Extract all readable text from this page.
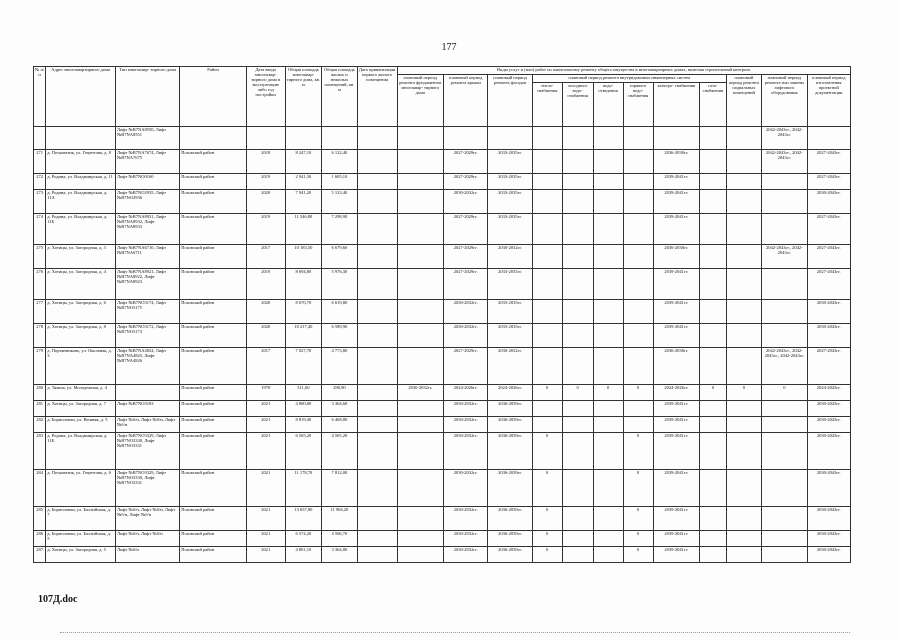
177
№ п/п	Адрес многоквартирного дома	Тип многоквар- тирного дома	Район	Дата ввода многоквар- тирного дома в эксплуатацию либо год постройки	Общая площадь многоквар- тирного дома, кв. м	Общая площадь жилых и нежилых помещений, кв. м	Дата приватизации первого жилого помещения	Виды услуг и (или) работ по капитальному ремонту общего имущества в многоквартирных домах, включая строительный контроль											
								плановый период ремонта фундаментов многоквар- тирного дома	плановый период ремонта крыши	плановый период ремонта фасадов	плановый период ремонта внутридомовых инженерных систем						плановый период ремонта подвальных помещений	плановый период ремонта или замены лифтового оборудования	плановый период изготовления проектной документации
											тепло- снабжения	холодного водо- снабжения	водо- отведения	горячего водо- снабжения	электро- снабжения	газо- снабжения			
		Лифт №B7NA8550, Лифт №B7NA8551																2042-2043гг., 2042-2043гг.	
271	д. Песковатик, ул. Гецентова, д. 8	Лифт №B7NA7674, Лифт №B7NA7675	Псковский район	2018	8 247,10	6 122,40			2027-2029гг.	2033-2035гг.					2036-2038гг.			2042-2043гг., 2042-2043гг.	2027-2043гг.
272	д. Родина, ул. Владимирская, д. 11	Лифт №B7NO0160	Псковский район	2019	2 941,30	1 605,10			2027-2029гг.	2033-2035гг.					2039-2041гг.				2027-2043гг.
273	д. Родина, ул. Владимирская, д. 11А	Лифт №B7NO2935, Лифт №B7NO2936	Псковский район	2020	7 941,20	5 123,40			2030-2032гг.	2033-2035гг.					2039-2041гг.				2030-2043гг.
274	д. Родина, ул. Владимирская, д. 11Б	Лифт №B7NA8931, Лифт №B7NA8932, Лифт №B7NA8933	Псковский район	2019	11 546,80	7 298,90			2027-2029гг.	2033-2035гг.					2039-2041гг.				2027-2043гг.
275	д. Хотицы, ул. Загородная, д. 3	Лифт №B7NA6710, Лифт №B7NA6711	Псковский район	2017	10 183,50	6 679,60			2027-2029гг.	2030-2032гг.					2036-2038гг.			2042-2043гг., 2042-2043гг.	2027-2043гг.
276	д. Хотицы, ул. Загородная, д. 4	Лифт №B7NA8921, Лифт №B7NA8922, Лифт №B7NA8923	Псковский район	2019	8 694,80	5 976,30			2027-2029гг.	2033-2035гг.					2039-2041гг.				2027-2043гг.
277	д. Хотицы, ул. Загородная, д. 6	Лифт №B7NO3174, Лифт №B7NO3175	Псковский район	2020	8 670,70	6 619,80			2030-2032гг.	2033-2035гг.					2039-2041гг.				2030-2043гг.
278	д. Хотицы, ул. Загородная, д. 8	Лифт №B7NO3172, Лифт №B7NO3173	Псковский район	2020	10 217,40	6 589,90			2030-2032гг.	2033-2035гг.					2039-2041гг.				2030-2043гг.
279	д. Портянниково, ул. Окольная, д. 3	Лифт №B7NA4824, Лифт №B7NA4825, Лифт №B7NA4826	Псковский район	2017	7 027,70	4 773,80			2027-2029гг.	2030-2032гг.					2036-2038гг.			2042-2043гг., 2042-2043гг., 2042-2043гг.	2027-2043гг.
280	д. Тямша, ул. Молодежная, д. 4		Псковский район	1970	511,60	290,90		2030-2032гг.	2024-2026гг.	2024-2026гг.	0	0	0	0	2024-2026гг.	0	0	0	2024-2043гг.
281	д. Хотицы, ул. Загородная, д. 7	Лифт №B7NO3183	Псковский район	2021	4 800,80	3 364,60			2030-2032гг.	2036-2039гг.					2039-2041гг.				2030-2043гг.
282	д. Борисовичи, ул. Вешняя, д. 5	Лифт №б/н, Лифт №б/н, Лифт №б/н	Псковский район	2021	8 819,40	6 468,80			2030-2032гг.	2036-2039гг.					2039-2041гг.				2030-2043гг.
283	д. Родина, ул. Владимирская, д. 11Б	Лифт №B7NO3329, Лифт №B7NO3330, Лифт №B7NO3331	Псковский район	2021	6 565,20	4 565,20			2030-2032гг.	2036-2039гг.	0			0	2039-2041гг.				2030-2043гг.
284	д. Песковатик, ул. Гецентова, д. 6	Лифт №B7NO3329, Лифт №B7NO3330, Лифт №B7NO3331	Псковский район	2021	11 178,70	7 812,00			2030-2032гг.	2036-2039гг.	0			0	2039-2041гг.				2030-2043гг.
285	д. Борисовичи, ул. Балтийская, д. 7	Лифт №б/н, Лифт №б/н, Лифт №б/н, Лифт №б/н	Псковский район	2021	13 657,80	11 904,20			2030-2032гг.	2036-2039гг.	0			0	2039-2041гг.				2030-2043гг.
286	д. Борисовичи, ул. Балтийская, д. 5	Лифт №б/н, Лифт №б/н	Псковский район	2021	6 574,20	4 506,70			2030-2032гг.	2036-2039гг.	0			0	2039-2041гг.				2030-2043гг.
287	д. Хотицы, ул. Загородная, д. 5	Лифт №б/н	Псковский район	2021	4 801,10	3 364,80			2030-2032гг.	2036-2039гг.	0			0	2039-2041гг.				2030-2043гг.
107Д.doc
